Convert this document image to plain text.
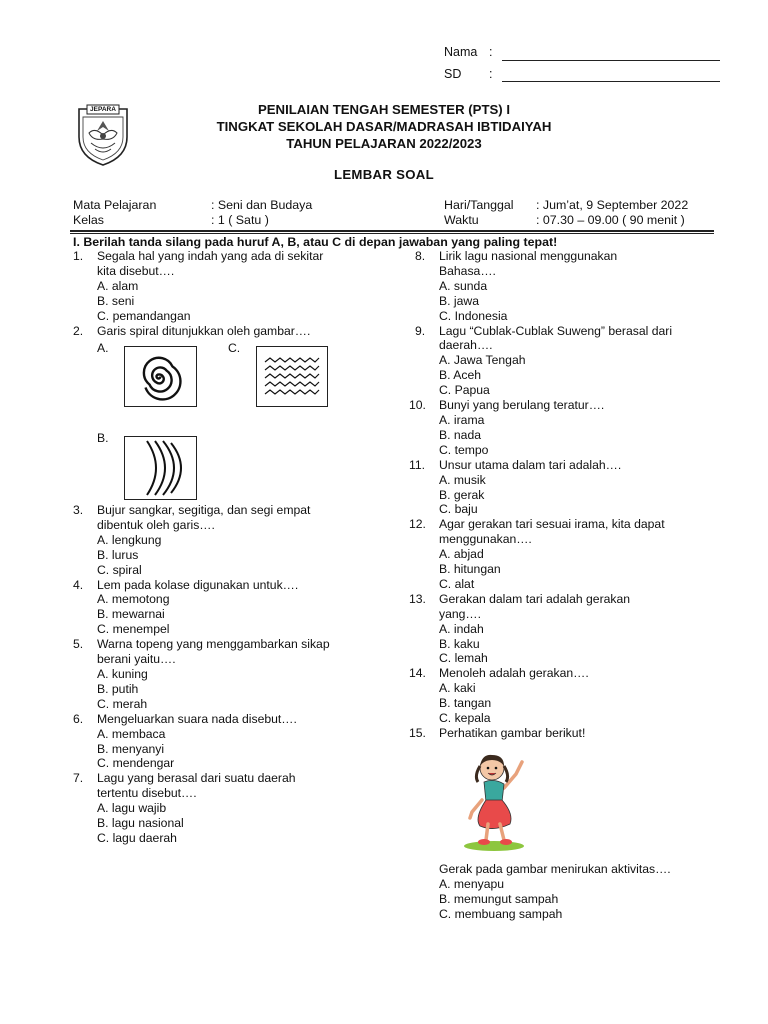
Nama :
SD :
JEPARA	PENILAIAN TENGAH SEMESTER (PTS) I
TINGKAT SEKOLAH DASAR/MADRASAH IBTIDAIYAH
TAHUN PELAJARAN 2022/2023
LEMBAR SOAL
Mata Pelajaran	: Seni dan Budaya
Kelas	: 1 ( Satu )
Hari/Tanggal : Jum’at, 9 September 2022
Waktu	: 07.30 – 09.00 ( 90 menit )
I. Berilah tanda silang pada huruf A, B, atau C di depan jawaban yang paling tepat!
1. Segala hal yang indah yang ada di sekitar
kita disebut….
A. alam
B. seni
C. pemandangan
2. Garis spiral ditunjukkan oleh gambar….
A.	C.
B.
3. Bujur sangkar, segitiga, dan segi empat
dibentuk oleh garis….
A. lengkung
B. lurus
C. spiral
4. Lem pada kolase digunakan untuk….
A. memotong
B. mewarnai
C. menempel
5. Warna topeng yang menggambarkan sikap
berani yaitu….
A. kuning
B. putih
C. merah
6. Mengeluarkan suara nada disebut….
A. membaca
B. menyanyi
C. mendengar
7. Lagu yang berasal dari suatu daerah
tertentu disebut….
A. lagu wajib
B. lagu nasional
C. lagu daerah
8. Lirik lagu nasional menggunakan
Bahasa….
A. sunda
B. jawa
C. Indonesia
9. Lagu “Cublak-Cublak Suweng” berasal dari
daerah….
A. Jawa Tengah
B. Aceh
C. Papua
10. Bunyi yang berulang teratur….
A. irama
B. nada
C. tempo
11. Unsur utama dalam tari adalah….
A. musik
B. gerak
C. baju
12. Agar gerakan tari sesuai irama, kita dapat
menggunakan….
A. abjad
B. hitungan
C. alat
13. Gerakan dalam tari adalah gerakan
yang….
A. indah
B. kaku
C. lemah
14. Menoleh adalah gerakan….
A. kaki
B. tangan
C. kepala
15. Perhatikan gambar berikut!
Gerak pada gambar menirukan aktivitas….
A. menyapu
B. memungut sampah
C. membuang sampah
